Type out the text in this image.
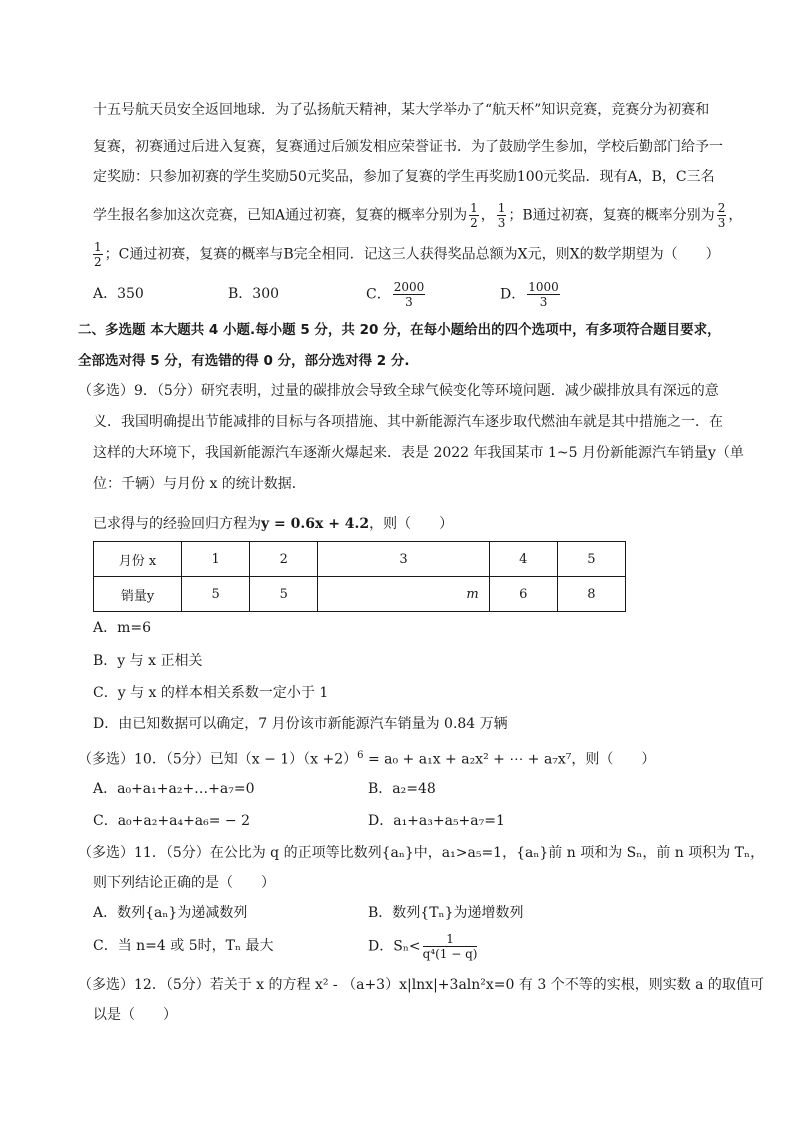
十五号航天员安全返回地球．为了弘扬航天精神，某大学举办了“航天杯”知识竞赛，竞赛分为初赛和
复赛，初赛通过后进入复赛，复赛通过后颁发相应荣誉证书．为了鼓励学生参加，学校后勤部门给予一
定奖励：只参加初赛的学生奖励50元奖品，参加了复赛的学生再奖励100元奖品．现有A，B，C三名
学生报名参加这次竞赛，已知A通过初赛，复赛的概率分别为 $\frac{1}{2}$ ， $\frac{1}{3}$ ；B通过初赛，复赛的概率分别为 $\frac{2}{3}$ ，
$\frac{1}{2}$ ；C通过初赛，复赛的概率与B完全相同．记这三人获得奖品总额为X元，则X的数学期望为（　　）
A．350	B．300	C． $\frac{2000}{3}$	D． $\frac{1000}{3}$
二、多选题 本大题共 4 小题.每小题 5 分，共 20 分，在每小题给出的四个选项中，有多项符合题目要求，
全部选对得 5 分，有选错的得 0 分，部分选对得 2 分.
（多选）9．（5分）研究表明，过量的碳排放会导致全球气候变化等环境问题．减少碳排放具有深远的意
义．我国明确提出节能减排的目标与各项措施、其中新能源汽车逐步取代燃油车就是其中措施之一．在
这样的大环境下，我国新能源汽车逐渐火爆起来．表是 2022 年我国某市 1~5 月份新能源汽车销量y（单
位：千辆）与月份 x 的统计数据．
已求得与的经验回归方程为y = 0.6x + 4.2，则（　　）
月份 x	1	2	3	4	5
销量y	5	5	m	6	8
A．m=6
B．y 与 x 正相关
C．y 与 x 的样本相关系数一定小于 1
D．由已知数据可以确定，7 月份该市新能源汽车销量为 0.84 万辆
（多选）10．（5分）已知$(x - 1)(x +2)^6 = a_0 + a_1x + a_2x^2$ + ⋯ + a₇x⁷，则（　　）
A．a₀+a₁+a₂+…+a₇=0	B．a₂=48
C．a₀+a₂+a₄+a₆= − 2	D．a₁+a₃+a₅+a₇=1
（多选）11．（5分）在公比为 q 的正项等比数列{aₙ}中，a₁>a₅=1，{aₙ}前 n 项和为 Sₙ，前 n 项积为 Tₙ，
则下列结论正确的是（　　）
A．数列{aₙ}为递减数列	B．数列{Tₙ}为递增数列
C．当 n=4 或 5时，Tₙ 最大	D．$S_n< \frac{1}{\text{q⁴(1 − q)}}$
（多选）12．（5分）若关于 x 的方程 x² - （a+3）x|lnx|+3aln²x=0 有 3 个不等的实根，则实数 a 的取值可
以是（　　）
